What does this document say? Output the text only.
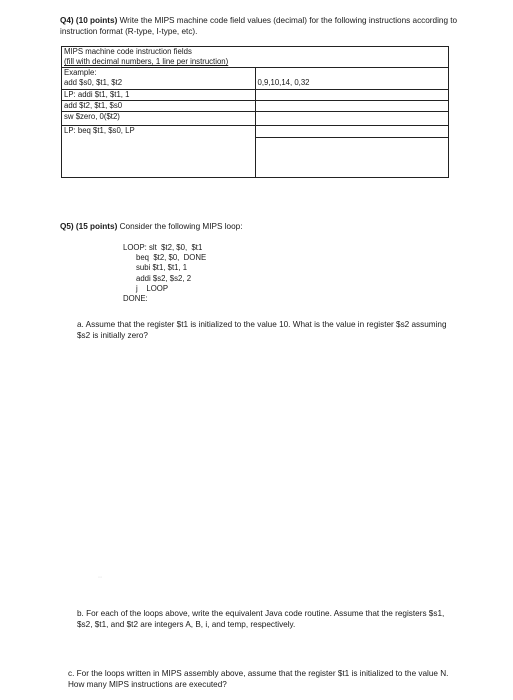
Q4) (10 points) Write the MIPS machine code field values (decimal) for the following instructions according to instruction format (R-type, I-type, etc).
MIPS machine code instruction fields	
(fill with decimal numbers, 1 line per instruction)	
Example:	
add $s0, $t1, $t2	0,9,10,14, 0,32
LP: addi $t1, $t1, 1	
add $t2, $t1, $s0	
sw $zero, 0($t2)	
LP: beq $t1, $s0, LP	

Q5) (15 points) Consider the following MIPS loop:
LOOP: slt  $t2, $0,  $t1
beq  $t2, $0,  DONE
subi $t1, $t1, 1
addi $s2, $s2, 2
j    LOOP
DONE:
a. Assume that the register $t1 is initialized to the value 10. What is the value in register $s2 assuming $s2 is initially zero?
◦◦
b. For each of the loops above, write the equivalent Java code routine. Assume that the registers $s1, $s2, $t1, and $t2 are integers A, B, i, and temp, respectively.
c. For the loops written in MIPS assembly above, assume that the register $t1 is initialized to the value N. How many MIPS instructions are executed?
